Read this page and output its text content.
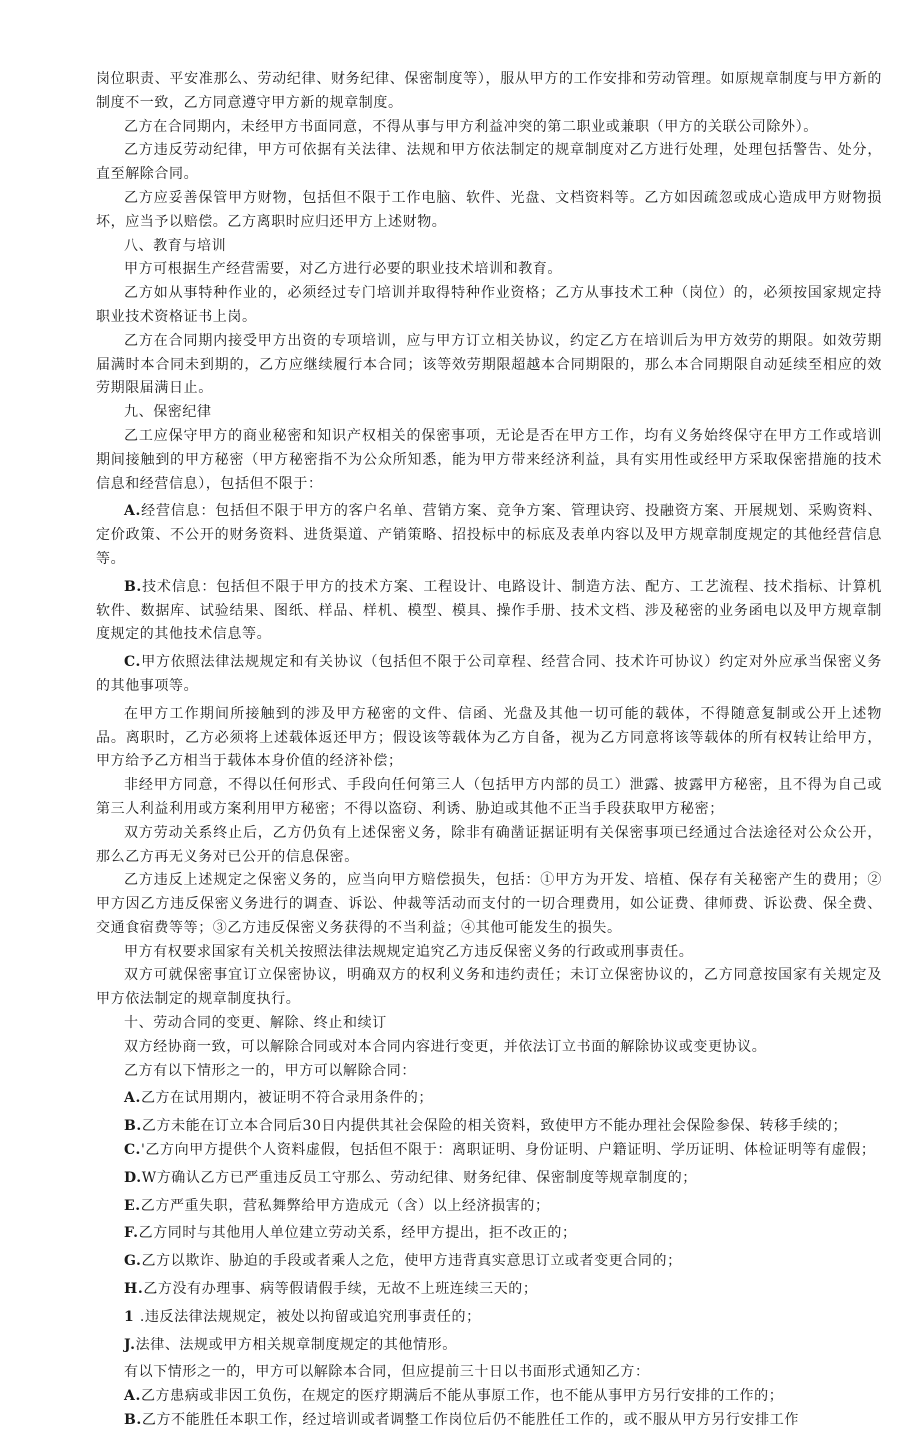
岗位职责、平安准那么、劳动纪律、财务纪律、保密制度等），服从甲方的工作安排和劳动管理。如原规章制度与甲方新的制度不一致，乙方同意遵守甲方新的规章制度。

乙方在合同期内，未经甲方书面同意，不得从事与甲方利益冲突的第二职业或兼职（甲方的关联公司除外）。

乙方违反劳动纪律，甲方可依据有关法律、法规和甲方依法制定的规章制度对乙方进行处理，处理包括警告、处分，直至解除合同。

乙方应妥善保管甲方财物，包括但不限于工作电脑、软件、光盘、文档资料等。乙方如因疏忽或成心造成甲方财物损坏，应当予以赔偿。乙方离职时应归还甲方上述财物。

八、教育与培训

甲方可根据生产经营需要，对乙方进行必要的职业技术培训和教育。

乙方如从事特种作业的，必须经过专门培训并取得特种作业资格；乙方从事技术工种（岗位）的，必须按国家规定持职业技术资格证书上岗。

乙方在合同期内接受甲方出资的专项培训，应与甲方订立相关协议，约定乙方在培训后为甲方效劳的期限。如效劳期届满时本合同未到期的，乙方应继续履行本合同；该等效劳期限超越本合同期限的，那么本合同期限自动延续至相应的效劳期限届满日止。

九、保密纪律

乙工应保守甲方的商业秘密和知识产权相关的保密事项，无论是否在甲方工作，均有义务始终保守在甲方工作或培训期间接触到的甲方秘密（甲方秘密指不为公众所知悉，能为甲方带来经济利益，具有实用性或经甲方采取保密措施的技术信息和经营信息），包括但不限于：

A.经营信息：包括但不限于甲方的客户名单、营销方案、竞争方案、管理诀窍、投融资方案、开展规划、采购资料、定价政策、不公开的财务资料、进货渠道、产销策略、招投标中的标底及表单内容以及甲方规章制度规定的其他经营信息等。

B.技术信息：包括但不限于甲方的技术方案、工程设计、电路设计、制造方法、配方、工艺流程、技术指标、计算机软件、数据库、试验结果、图纸、样品、样机、模型、模具、操作手册、技术文档、涉及秘密的业务函电以及甲方规章制度规定的其他技术信息等。

C.甲方依照法律法规规定和有关协议（包括但不限于公司章程、经营合同、技术许可协议）约定对外应承当保密义务的其他事项等。

在甲方工作期间所接触到的涉及甲方秘密的文件、信函、光盘及其他一切可能的载体，不得随意复制或公开上述物品。离职时，乙方必须将上述载体返还甲方；假设该等载体为乙方自备，视为乙方同意将该等载体的所有权转让给甲方，甲方给予乙方相当于载体本身价值的经济补偿；

非经甲方同意，不得以任何形式、手段向任何第三人（包括甲方内部的员工）泄露、披露甲方秘密，且不得为自己或第三人利益利用或方案利用甲方秘密；不得以盗窃、利诱、胁迫或其他不正当手段获取甲方秘密；

双方劳动关系终止后，乙方仍负有上述保密义务，除非有确凿证据证明有关保密事项已经通过合法途径对公众公开，那么乙方再无义务对已公开的信息保密。

乙方违反上述规定之保密义务的，应当向甲方赔偿损失，包括：①甲方为开发、培植、保存有关秘密产生的费用；②甲方因乙方违反保密义务进行的调查、诉讼、仲裁等活动而支付的一切合理费用，如公证费、律师费、诉讼费、保全费、交通食宿费等等；③乙方违反保密义务获得的不当利益；④其他可能发生的损失。

甲方有权要求国家有关机关按照法律法规规定追究乙方违反保密义务的行政或刑事责任。

双方可就保密事宜订立保密协议，明确双方的权利义务和违约责任；未订立保密协议的，乙方同意按国家有关规定及甲方依法制定的规章制度执行。

十、劳动合同的变更、解除、终止和续订

双方经协商一致，可以解除合同或对本合同内容进行变更，并依法订立书面的解除协议或变更协议。

乙方有以下情形之一的，甲方可以解除合同：

A.乙方在试用期内，被证明不符合录用条件的；

B.乙方未能在订立本合同后30日内提供其社会保险的相关资料，致使甲方不能办理社会保险参保、转移手续的；

C.'乙方向甲方提供个人资料虚假，包括但不限于：离职证明、身份证明、户籍证明、学历证明、体检证明等有虚假；

D.W方确认乙方已严重违反员工守那么、劳动纪律、财务纪律、保密制度等规章制度的；

E.乙方严重失职，营私舞弊给甲方造成元（含）以上经济损害的；

F.乙方同时与其他用人单位建立劳动关系，经甲方提出，拒不改正的；

G.乙方以欺诈、胁迫的手段或者乘人之危，使甲方违背真实意思订立或者变更合同的；

H.乙方没有办理事、病等假请假手续，无故不上班连续三天的；

1 .违反法律法规规定，被处以拘留或追究刑事责任的；

J.法律、法规或甲方相关规章制度规定的其他情形。

有以下情形之一的，甲方可以解除本合同，但应提前三十日以书面形式通知乙方：

A.乙方患病或非因工负伤，在规定的医疗期满后不能从事原工作，也不能从事甲方另行安排的工作的；

B.乙方不能胜任本职工作，经过培训或者调整工作岗位后仍不能胜任工作的，或不服从甲方另行安排工作
